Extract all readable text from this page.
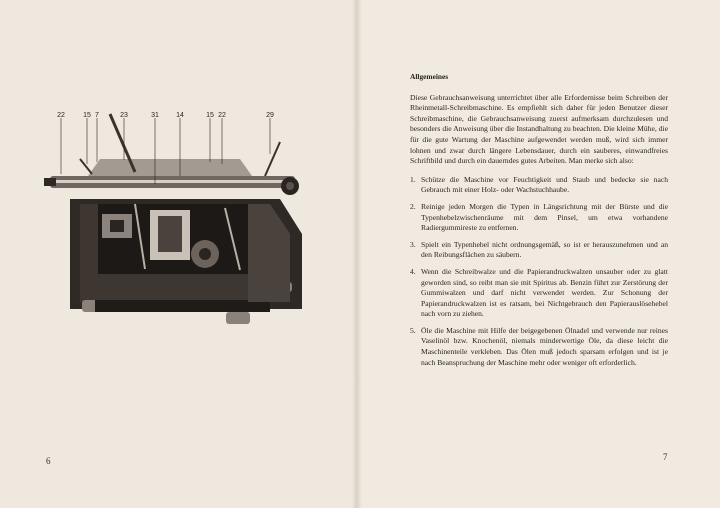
22	15 7	23	31 14	15 22	29
6

Allgemeines

Diese Gebrauchsanweisung unterrichtet über alle Erfordernisse beim Schreiben der Rheinmetall-Schreibmaschine. Es empfiehlt sich daher für jeden Benutzer dieser Schreibmaschine, die Gebrauchsanweisung zuerst aufmerksam durchzulesen und besonders die Anweisung über die Instandhaltung zu beachten. Die kleine Mühe, die für die gute Wartung der Maschine aufgewendet werden muß, wird sich immer lohnen und zwar durch längere Lebensdauer, durch ein sauberes, einwandfreies Schriftbild und durch ein dauerndes gutes Arbeiten. Man merke sich also:

1. Schütze die Maschine vor Feuchtigkeit und Staub und bedecke sie nach Gebrauch mit einer Holz- oder Wachstuchhaube.
2. Reinige jeden Morgen die Typen in Längsrichtung mit der Bürste und die Typenhebelzwischenräume mit dem Pinsel, um etwa vorhandene Radiergummireste zu entfernen.
3. Spielt ein Typenhebel nicht ordnungsgemäß, so ist er herauszunehmen und an den Reibungsflächen zu säubern.
4. Wenn die Schreibwalze und die Papierandruckwalzen unsauber oder zu glatt geworden sind, so reibt man sie mit Spiritus ab. Benzin führt zur Zerstörung der Gummiwalzen und darf nicht verwendet werden. Zur Schonung der Papierandruckwalzen ist es ratsam, bei Nichtgebrauch den Papierauslösehebel nach vorn zu ziehen.
5. Öle die Maschine mit Hilfe der beigegebenen Ölnadel und verwende nur reines Vaselinöl bzw. Knochenöl, niemals minderwertige Öle, da diese leicht die Maschinenteile verkleben. Das Ölen muß jedoch sparsam erfolgen und ist je nach Beanspruchung der Maschine mehr oder weniger oft erforderlich.
7
